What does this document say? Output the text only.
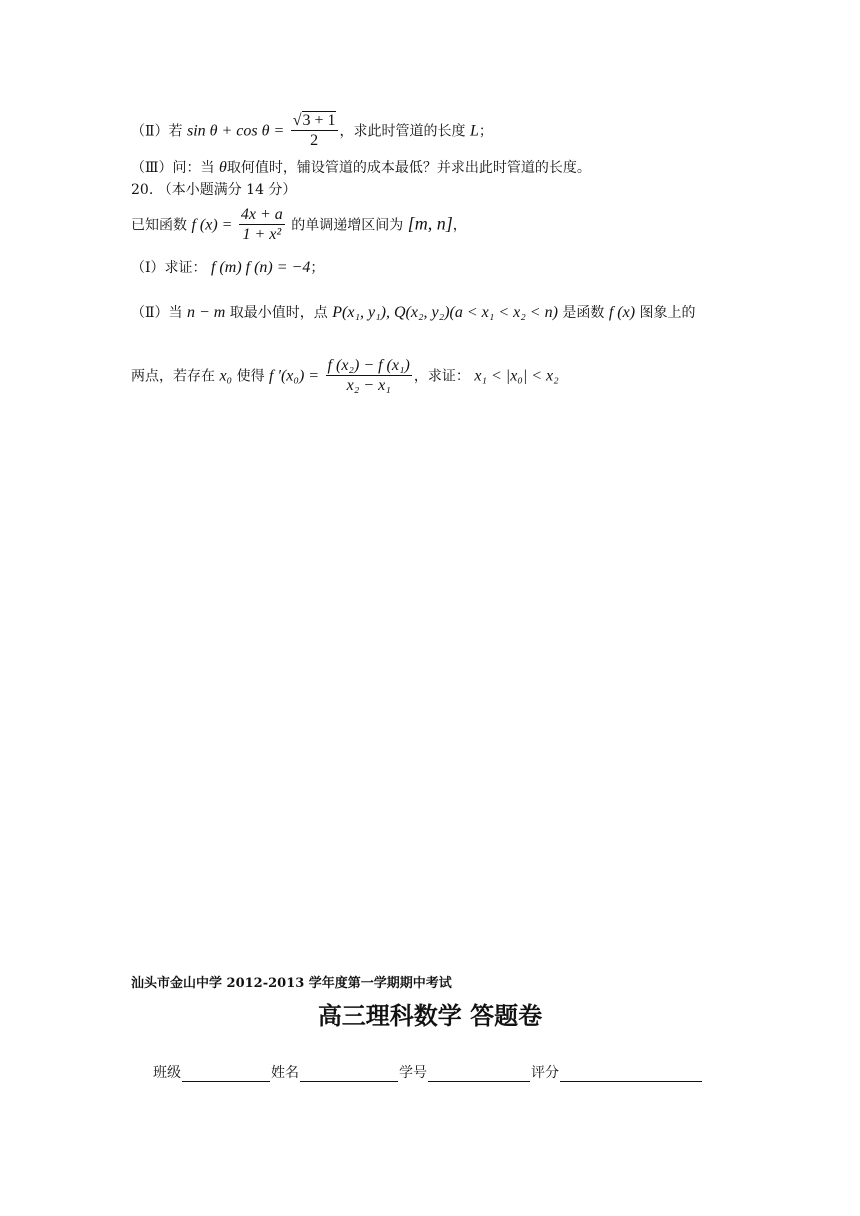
（Ⅱ）若 $\sin \theta + \cos \theta = \frac{√3 + 1}{2}$ ，求此时管道的长度 L；
（Ⅲ）问：当 θ取何值时，铺设管道的成本最低？并求出此时管道的长度。
20. （本小题满分 14 分）
已知函数 f $(x) = \frac{4x + a}{\text{1 + x²}}$ 的单调递增区间为 [m, n]，
（Ⅰ）求证： f (m) f (n) = −4；
（Ⅱ）当 n − m 取最小值时，点 P(x₁, y₁), Q(x₂, y₂)(a < x₁ < x₂ < n) 是函数 f (x) 图象上的
两点，若存在 x₀ 使得 f $'(x_0) = \frac{\text{f (x₂) − f (x₁)}}{\text{x₂ − x₁}}$ ，求证： x₁ < |x₀| < x₂
汕头市金山中学 2012-2013 学年度第一学期期中考试
高三理科数学 答题卷
班级	姓名	学号	评分
